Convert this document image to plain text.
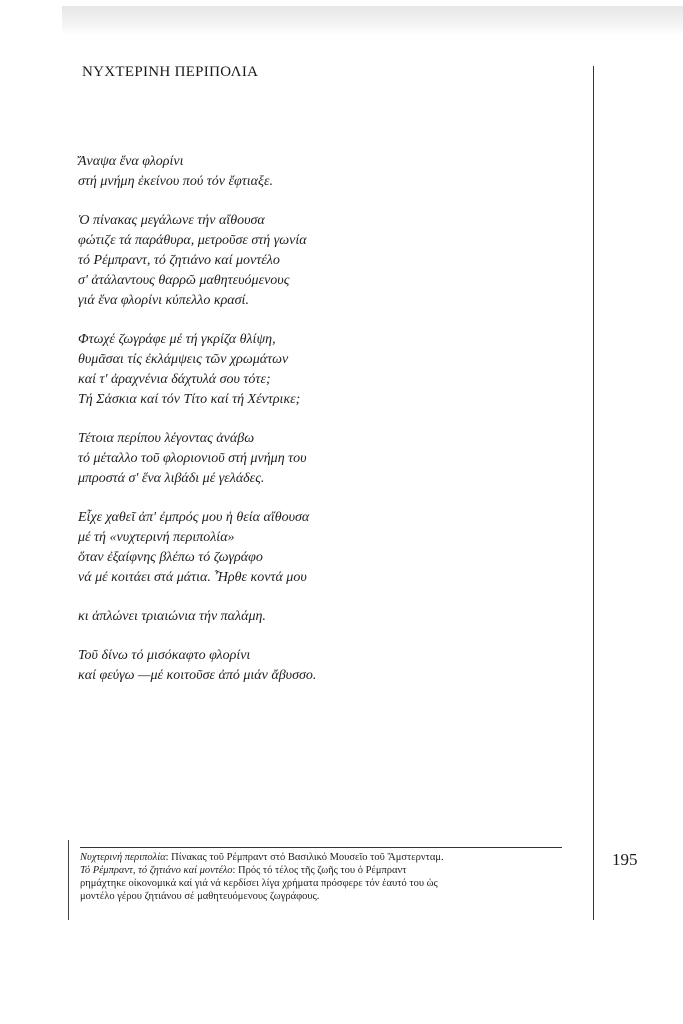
ΝΥΧΤΕΡΙΝΗ ΠΕΡΙΠΟΛΙΑ
Ἄναψα ἕνα φλορίνι
στή μνήμη ἐκείνου πού τόν ἔφτιαξε.
Ὁ πίνακας μεγάλωνε τήν αἴθουσα
φώτιζε τά παράθυρα, μετροῦσε στή γωνία
τό Ρέμπραντ, τό ζητιάνο καί μοντέλο
σ' ἀτάλαντους θαρρῶ μαθητευόμενους
γιά ἕνα φλορίνι κύπελλο κρασί.
Φτωχέ ζωγράφε μέ τή γκρίζα θλίψη,
θυμᾶσαι τίς ἐκλάμψεις τῶν χρωμάτων
καί τ' ἀραχνένια δάχτυλά σου τότε;
Τή Σάσκια καί τόν Τίτο καί τή Χέντρικε;
Τέτοια περίπου λέγοντας ἀνάβω
τό μέταλλο τοῦ φλοριονιοῦ στή μνήμη του
μπροστά σ' ἕνα λιβάδι μέ γελάδες.
Εἶχε χαθεῖ ἀπ' ἐμπρός μου ἡ θεία αἴθουσα
μέ τή «νυχτερινή περιπολία»
ὅταν ἐξαίφνης βλέπω τό ζωγράφο
νά μέ κοιτάει στά μάτια. Ἦρθε κοντά μου
κι ἁπλώνει τριαιώνια τήν παλάμη.
Τοῦ δίνω τό μισόκαφτο φλορίνι
καί φεύγω —μέ κοιτοῦσε ἀπό μιάν ἄβυσσο.
Νυχτερινή περιπολία: Πίνακας τοῦ Ρέμπραντ στό Βασιλικό Μουσεῖο τοῦ Ἄμστερνταμ.
Τό Ρέμπραντ, τό ζητιάνο καί μοντέλο: Πρός τό τέλος τῆς ζωῆς του ὁ Ρέμπραντ
ρημάχτηκε οἰκονομικά καί γιά νά κερδίσει λίγα χρήματα πρόσφερε τόν ἑαυτό του ὡς
μοντέλο γέρου ζητιάνου σέ μαθητευόμενους ζωγράφους.
195
